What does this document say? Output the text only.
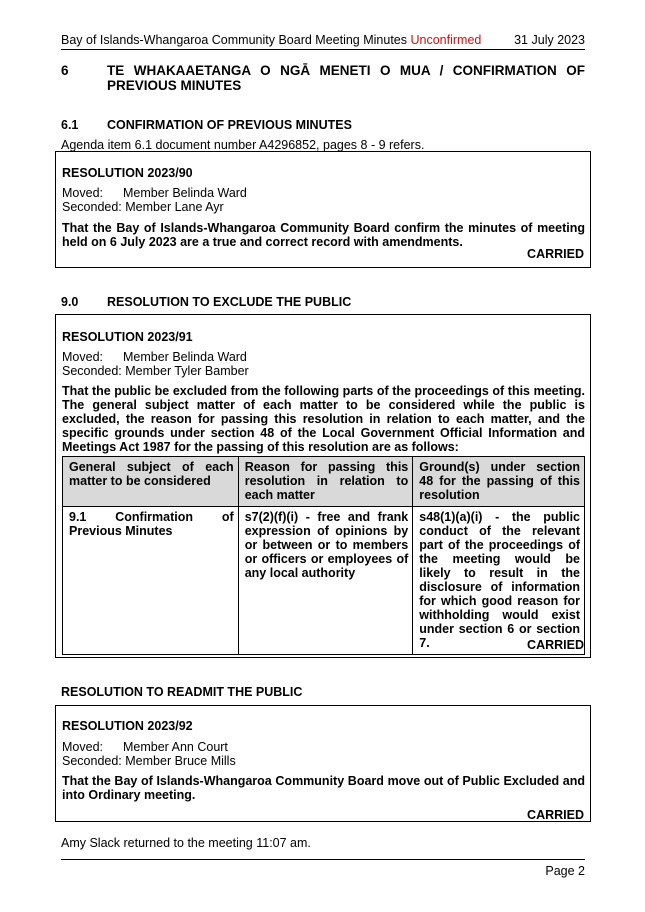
Bay of Islands-Whangaroa Community Board Meeting Minutes Unconfirmed	31 July 2023
6	TE WHAKAAETANGA O NGĀ MENETI O MUA / CONFIRMATION OF
PREVIOUS MINUTES
6.1 CONFIRMATION OF PREVIOUS MINUTES
Agenda item 6.1 document number A4296852, pages 8 - 9 refers.
RESOLUTION 2023/90
Moved: Member Belinda Ward
Seconded: Member Lane Ayr
That the Bay of Islands-Whangaroa Community Board confirm the minutes of meeting held on 6 July 2023 are a true and correct record with amendments.
CARRIED
9.0 RESOLUTION TO EXCLUDE THE PUBLIC
RESOLUTION 2023/91
Moved: Member Belinda Ward
Seconded: Member Tyler Bamber
That the public be excluded from the following parts of the proceedings of this meeting. The general subject matter of each matter to be considered while the public is excluded, the reason for passing this resolution in relation to each matter, and the specific grounds under section 48 of the Local Government Official Information and Meetings Act 1987 for the passing of this resolution are as follows:
General subject of each matter to be considered	Reason for passing this resolution in relation to each matter	Ground(s) under section 48 for the passing of this resolution
9.1 Confirmation of Previous Minutes	s7(2)(f)(i) - free and frank expression of opinions by or between or to members or officers or employees of any local authority	s48(1)(a)(i) - the public conduct of the relevant part of the proceedings of the meeting would be likely to result in the disclosure of information for which good reason for withholding would exist under section 6 or section 7.	CARRIED
RESOLUTION TO READMIT THE PUBLIC
RESOLUTION 2023/92
Moved: Member Ann Court
Seconded: Member Bruce Mills
That the Bay of Islands-Whangaroa Community Board move out of Public Excluded and into Ordinary meeting.
CARRIED
Amy Slack returned to the meeting 11:07 am.
Page 2
